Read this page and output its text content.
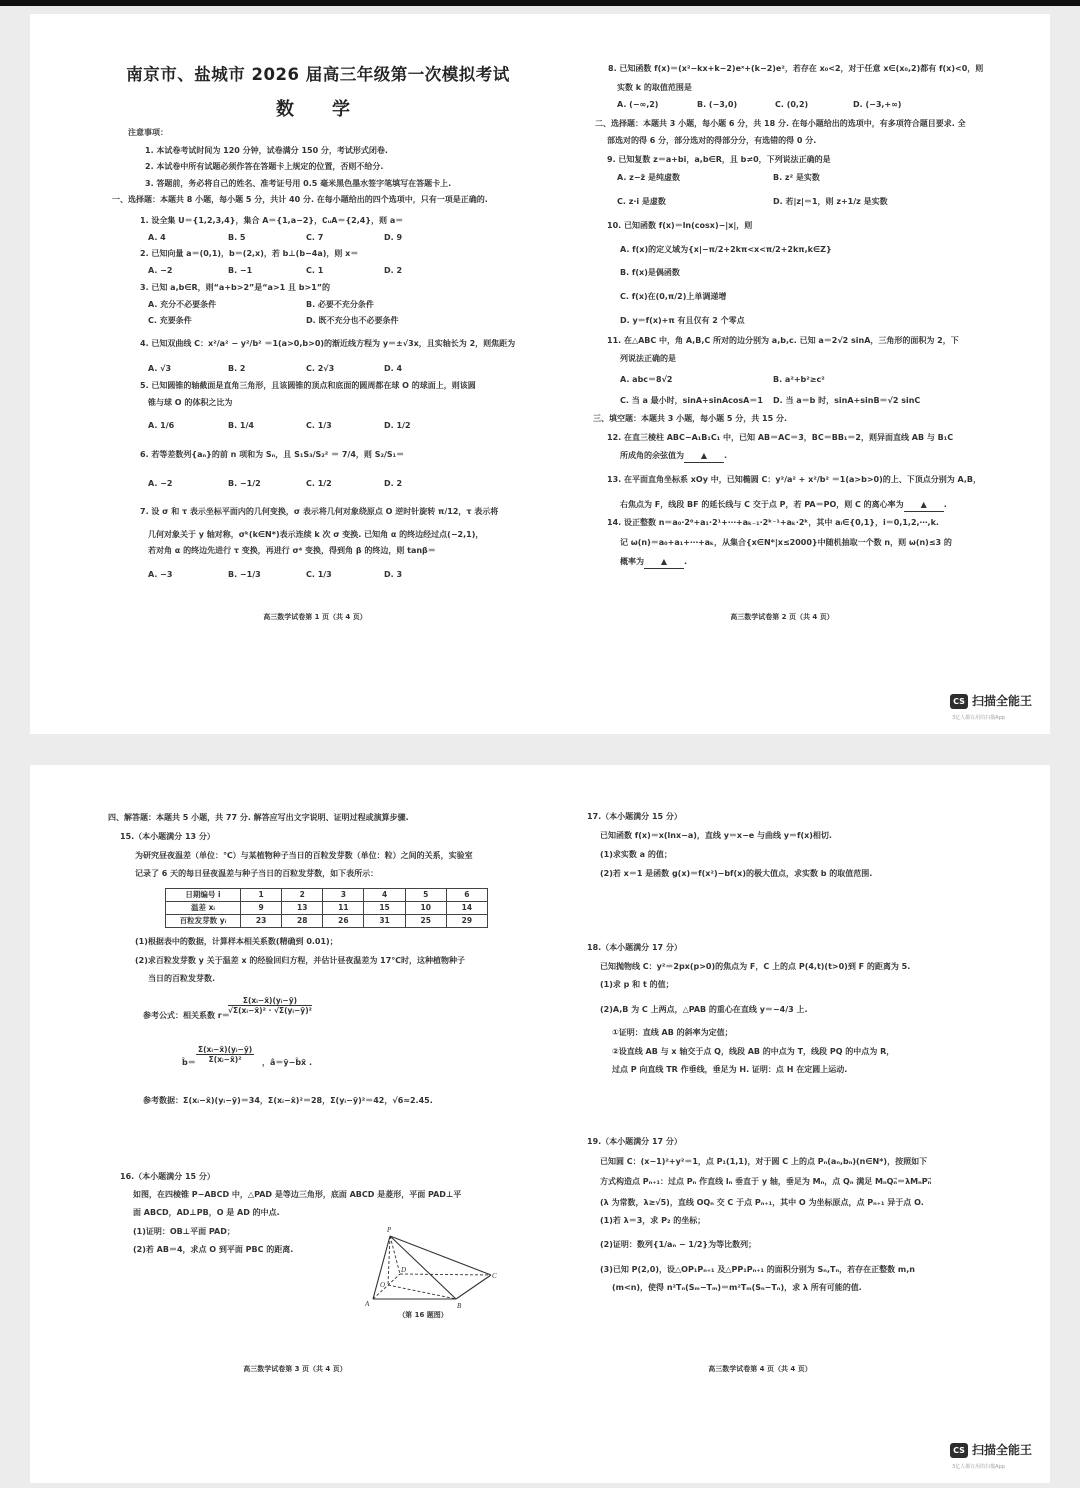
南京市、盐城市 2026 届高三年级第一次模拟考试
数　学
注意事项：
1. 本试卷考试时间为 120 分钟，试卷满分 150 分，考试形式闭卷.
2. 本试卷中所有试题必须作答在答题卡上规定的位置，否则不给分.
3. 答题前，务必将自己的姓名、准考证号用 0.5 毫米黑色墨水签字笔填写在答题卡上.
一、选择题：本题共 8 小题，每小题 5 分，共计 40 分. 在每小题给出的四个选项中，只有一项是正确的.
1. 设全集 U＝{1,2,3,4}，集合 A＝{1,a−2}，∁ᵤA＝{2,4}，则 a＝
A. 4	B. 5	C. 7	D. 9
2. 已知向量 a＝(0,1)，b＝(2,x)，若 b⊥(b−4a)，则 x＝
A. −2	B. −1	C. 1	D. 2
3. 已知 a,b∈R，则“a+b>2”是“a>1 且 b>1”的
A. 充分不必要条件	B. 必要不充分条件
C. 充要条件	D. 既不充分也不必要条件
4. 已知双曲线 C：x²/a² − y²/b² ＝1(a>0,b>0)的渐近线方程为 y＝±√3x，且实轴长为 2，则焦距为
A. √3	B. 2	C. 2√3	D. 4
5. 已知圆锥的轴截面是直角三角形，且该圆锥的顶点和底面的圆周都在球 O 的球面上，则该圆
锥与球 O 的体积之比为
A. 1/6	B. 1/4	C. 1/3	D. 1/2
6. 若等差数列{aₙ}的前 n 项和为 Sₙ，且 S₁S₃/S₂² ＝ 7/4，则 S₂/S₁＝
A. −2	B. −1/2	C. 1/2	D. 2
7. 设 σ 和 τ 表示坐标平面内的几何变换，σ 表示将几何对象绕原点 O 逆时针旋转 π/12，τ 表示将
几何对象关于 y 轴对称，σᵏ(k∈N*)表示连续 k 次 σ 变换. 已知角 α 的终边经过点(−2,1)，
若对角 α 的终边先进行 τ 变换，再进行 σ⁴ 变换，得到角 β 的终边，则 tanβ＝
A. −3	B. −1/3	C. 1/3	D. 3
高三数学试卷第 1 页（共 4 页）
8. 已知函数 f(x)＝(x²−kx+k−2)eˣ+(k−2)e²，若存在 x₀<2，对于任意 x∈(x₀,2)都有 f(x)<0，则
实数 k 的取值范围是
A. (−∞,2)	B. (−3,0)	C. (0,2)	D. (−3,+∞)
二、选择题：本题共 3 小题，每小题 6 分，共 18 分. 在每小题给出的选项中，有多项符合题目要求. 全
部选对的得 6 分，部分选对的得部分分，有选错的得 0 分.
9. 已知复数 z＝a+bi，a,b∈R，且 b≠0，下列说法正确的是
A. z−z̄ 是纯虚数	B. z² 是实数
C. z·i 是虚数	D. 若|z|＝1，则 z+1/z 是实数
10. 已知函数 f(x)＝ln(cosx)−|x|，则
A. f(x)的定义域为{x|−π/2+2kπ<x<π/2+2kπ,k∈Z}
B. f(x)是偶函数
C. f(x)在(0,π/2)上单调递增
D. y＝f(x)+π 有且仅有 2 个零点
11. 在△ABC 中，角 A,B,C 所对的边分别为 a,b,c. 已知 a＝2√2 sinA，三角形的面积为 2，下
列说法正确的是
A. abc＝8√2	B. a²+b²≥c²
C. 当 a 最小时，sinA+sinAcosA＝1 D. 当 a＝b 时，sinA+sinB＝√2 sinC
三、填空题：本题共 3 小题，每小题 5 分，共 15 分.
12. 在直三棱柱 ABC−A₁B₁C₁ 中，已知 AB＝AC＝3，BC＝BB₁＝2，则异面直线 AB 与 B₁C
所成角的余弦值为 ▲ .
13. 在平面直角坐标系 xOy 中，已知椭圆 C：y²/a² + x²/b² ＝1(a>b>0)的上、下顶点分别为 A,B，
右焦点为 F，线段 BF 的延长线与 C 交于点 P，若 PA＝PO，则 C 的离心率为 ▲ .
14. 设正整数 n＝a₀·2⁰+a₁·2¹+⋯+aₖ₋₁·2ᵏ⁻¹+aₖ·2ᵏ，其中 aᵢ∈{0,1}，i＝0,1,2,⋯,k.
记 ω(n)＝a₀+a₁+⋯+aₖ，从集合{x∈N*|x≤2000}中随机抽取一个数 n，则 ω(n)≤3 的
概率为 ▲ .
高三数学试卷第 2 页（共 4 页）
四、解答题：本题共 5 小题，共 77 分. 解答应写出文字说明、证明过程或演算步骤.
15.（本小题满分 13 分）
为研究昼夜温差（单位：℃）与某植物种子当日的百粒发芽数（单位：粒）之间的关系，实验室
记录了 6 天的每日昼夜温差与种子当日的百粒发芽数，如下表所示：
(1)根据表中的数据，计算样本相关系数(精确到 0.01)；
(2)求百粒发芽数 y 关于温差 x 的经验回归方程，并估计昼夜温差为 17℃时，这种植物种子
当日的百粒发芽数.
参考数据：Σ(xᵢ−x̄)(yᵢ−ȳ)＝34，Σ(xᵢ−x̄)²＝28，Σ(yᵢ−ȳ)²＝42，√6≈2.45.
16.（本小题满分 15 分）
如图，在四棱锥 P−ABCD 中，△PAD 是等边三角形，底面 ABCD 是菱形，平面 PAD⊥平
面 ABCD，AD⊥PB，O 是 AD 的中点.
(1)证明：OB⊥平面 PAD；
(2)若 AB＝4，求点 O 到平面 PBC 的距离.
（第 16 题图）
高三数学试卷第 3 页（共 4 页）
17.（本小题满分 15 分）
已知函数 f(x)＝x(lnx−a)，直线 y＝x−e 与曲线 y＝f(x)相切.
(1)求实数 a 的值；
(2)若 x＝1 是函数 g(x)＝f(x²)−bf(x)的极大值点，求实数 b 的取值范围.
18.（本小题满分 17 分）
已知抛物线 C：y²＝2px(p>0)的焦点为 F，C 上的点 P(4,t)(t>0)到 F 的距离为 5.
(1)求 p 和 t 的值；
(2)A,B 为 C 上两点，△PAB 的重心在直线 y＝−4/3 上.
①证明：直线 AB 的斜率为定值；
②设直线 AB 与 x 轴交于点 Q，线段 AB 的中点为 T，线段 PQ 的中点为 R，
过点 P 向直线 TR 作垂线，垂足为 H. 证明：点 H 在定圆上运动.
19.（本小题满分 17 分）
已知圆 C：(x−1)²+y²＝1，点 P₁(1,1)，对于圆 C 上的点 Pₙ(aₙ,bₙ)(n∈N*)，按照如下
方式构造点 Pₙ₊₁：过点 Pₙ 作直线 lₙ 垂直于 y 轴，垂足为 Mₙ，点 Qₙ 满足 MₙQₙ⃗＝λMₙPₙ⃗
(λ 为常数，λ≥√5)，直线 OQₙ 交 C 于点 Pₙ₊₁，其中 O 为坐标原点，点 Pₙ₊₁ 异于点 O.
(1)若 λ＝3，求 P₂ 的坐标；
(2)证明：数列{1/aₙ − 1/2}为等比数列；
(3)已知 P(2,0)，设△OP₁Pₙ₊₁ 及△PP₁Pₙ₊₁ 的面积分别为 Sₙ,Tₙ，若存在正整数 m,n
(m<n)，使得 n²Tₙ(Sₘ−Tₘ)＝m²Tₘ(Sₙ−Tₙ)，求 λ 所有可能的值.
高三数学试卷第 4 页（共 4 页）
日期编号 i	1	2	3	4	5	6
温差 xᵢ	9	13	11	15	10	14
百粒发芽数 yᵢ	23	28	26	31	25	29
参考公式：相关系数 r＝
$\frac{\text{Σ(xᵢ−x̄)(yᵢ−ȳ)}}{\text{√Σ(xᵢ−x̄)² · √Σ(yᵢ−ȳ)²}}$
b̂＝ $\frac{\text{Σ(xᵢ−x̄)(yᵢ−ȳ)}}{\text{Σ(xᵢ−x̄)²}}$ ，â＝ȳ−b̂x̄ .
P
A	B
C
D
O
CS 扫描全能王
3亿人都在用的扫描App
CS 扫描全能王
3亿人都在用的扫描App
